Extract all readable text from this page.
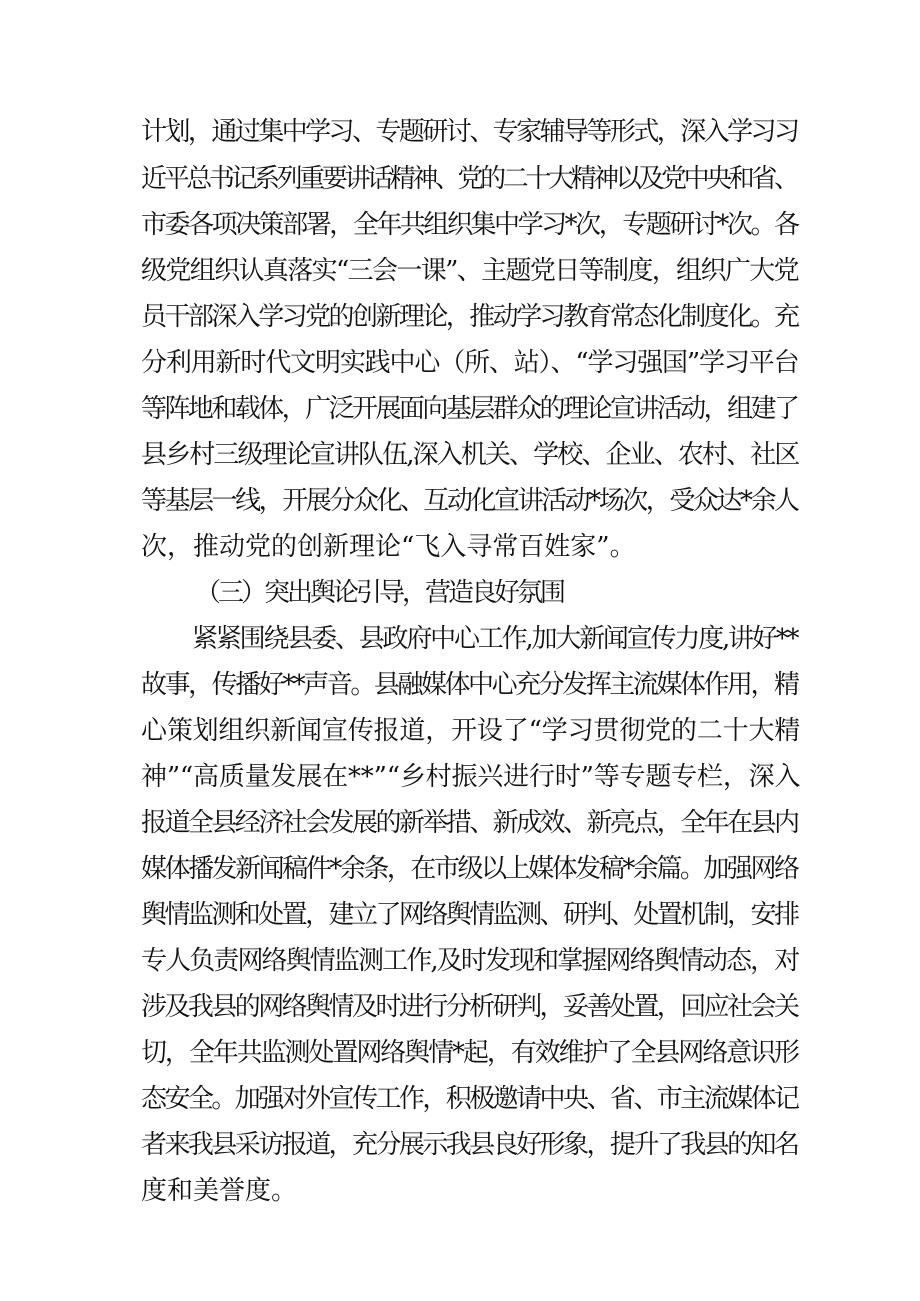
计划，通过集中学习、专题研讨、专家辅导等形式，深入学习习
近平总书记系列重要讲话精神、党的二十大精神以及党中央和省、
市委各项决策部署，全年共组织集中学习*次，专题研讨*次。各
级党组织认真落实“三会一课”、主题党日等制度，组织广大党
员干部深入学习党的创新理论，推动学习教育常态化制度化。充
分利用新时代文明实践中心（所、站）、“学习强国”学习平台
等阵地和载体，广泛开展面向基层群众的理论宣讲活动，组建了
县乡村三级理论宣讲队伍,深入机关、学校、企业、农村、社区
等基层一线，开展分众化、互动化宣讲活动*场次，受众达*余人
次，推动党的创新理论“飞入寻常百姓家”。
（三）突出舆论引导，营造良好氛围
紧紧围绕县委、县政府中心工作,加大新闻宣传力度,讲好**
故事，传播好**声音。县融媒体中心充分发挥主流媒体作用，精
心策划组织新闻宣传报道，开设了“学习贯彻党的二十大精
神”“高质量发展在**”“乡村振兴进行时”等专题专栏，深入
报道全县经济社会发展的新举措、新成效、新亮点，全年在县内
媒体播发新闻稿件*余条，在市级以上媒体发稿*余篇。加强网络
舆情监测和处置，建立了网络舆情监测、研判、处置机制，安排
专人负责网络舆情监测工作,及时发现和掌握网络舆情动态，对
涉及我县的网络舆情及时进行分析研判，妥善处置，回应社会关
切，全年共监测处置网络舆情*起，有效维护了全县网络意识形
态安全。加强对外宣传工作，积极邀请中央、省、市主流媒体记
者来我县采访报道，充分展示我县良好形象，提升了我县的知名
度和美誉度。
